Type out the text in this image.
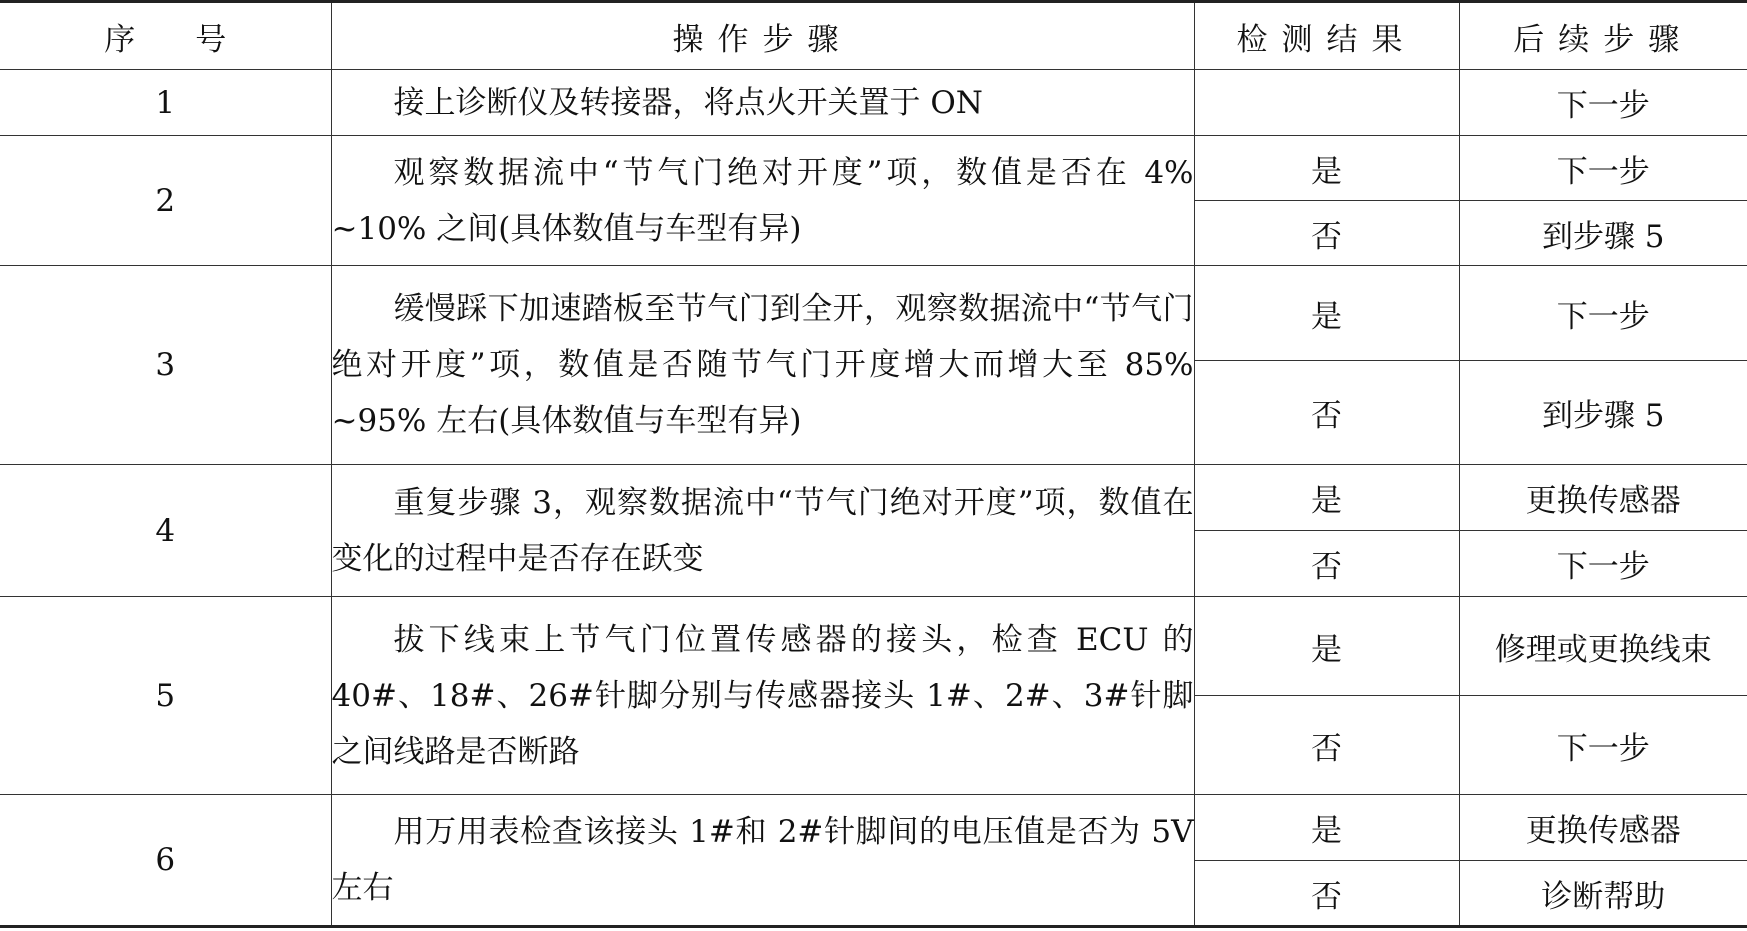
序 号	操作步骤	检测结果	后续步骤
1	接上诊断仪及转接器，将点火开关置于 ON		下一步
2	观察数据流中“节气门绝对开度”项，数值是否在 4% ~10% 之间(具体数值与车型有异)	是	下一步
		否	到步骤 5
3	缓慢踩下加速踏板至节气门到全开，观察数据流中“节气门绝对开度”项，数值是否随节气门开度增大而增大至 85% ~95% 左右(具体数值与车型有异)	是	下一步
		否	到步骤 5
4	重复步骤 3，观察数据流中“节气门绝对开度”项，数值在变化的过程中是否存在跃变	是	更换传感器
		否	下一步
5	拔下线束上节气门位置传感器的接头，检查 ECU 的 40#、18#、26#针脚分别与传感器接头 1#、2#、3#针脚之间线路是否断路	是	修理或更换线束
		否	下一步
6	用万用表检查该接头 1#和 2#针脚间的电压值是否为 5V 左右	是	更换传感器
		否	诊断帮助
